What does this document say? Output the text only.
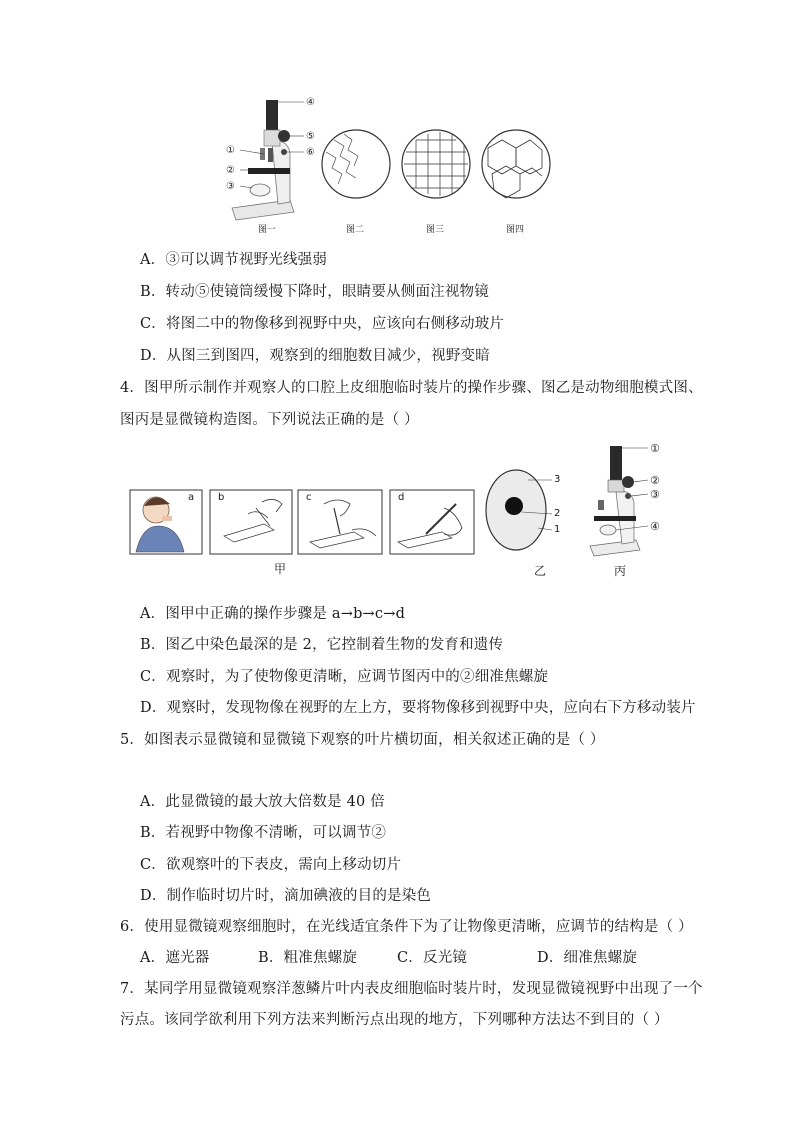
④
⑤
⑥
①
②
③
图一	图二	图三	图四
A．③可以调节视野光线强弱
B．转动⑤使镜筒缓慢下降时，眼睛要从侧面注视物镜
C．将图二中的物像移到视野中央，应该向右侧移动玻片
D．从图三到图四，观察到的细胞数目减少，视野变暗
4．图甲所示制作并观察人的口腔上皮细胞临时装片的操作步骤、图乙是动物细胞模式图、
图丙是显微镜构造图。下列说法正确的是（ ）
a b	c	d
3
2
1
①
②
③
④
甲	乙	丙
A．图甲中正确的操作步骤是 a→b→c→d
B．图乙中染色最深的是 2，它控制着生物的发育和遗传
C．观察时，为了使物像更清晰，应调节图丙中的②细准焦螺旋
D．观察时，发现物像在视野的左上方，要将物像移到视野中央，应向右下方移动装片
5．如图表示显微镜和显微镜下观察的叶片横切面，相关叙述正确的是（ ）
A．此显微镜的最大放大倍数是 40 倍
B．若视野中物像不清晰，可以调节②
C．欲观察叶的下表皮，需向上移动切片
D．制作临时切片时，滴加碘液的目的是染色
6．使用显微镜观察细胞时，在光线适宜条件下为了让物像更清晰，应调节的结构是（ ）
A．遮光器	B．粗准焦螺旋	C．反光镜	D．细准焦螺旋
7．某同学用显微镜观察洋葱鳞片叶内表皮细胞临时装片时，发现显微镜视野中出现了一个
污点。该同学欲利用下列方法来判断污点出现的地方，下列哪种方法达不到目的（ ）
